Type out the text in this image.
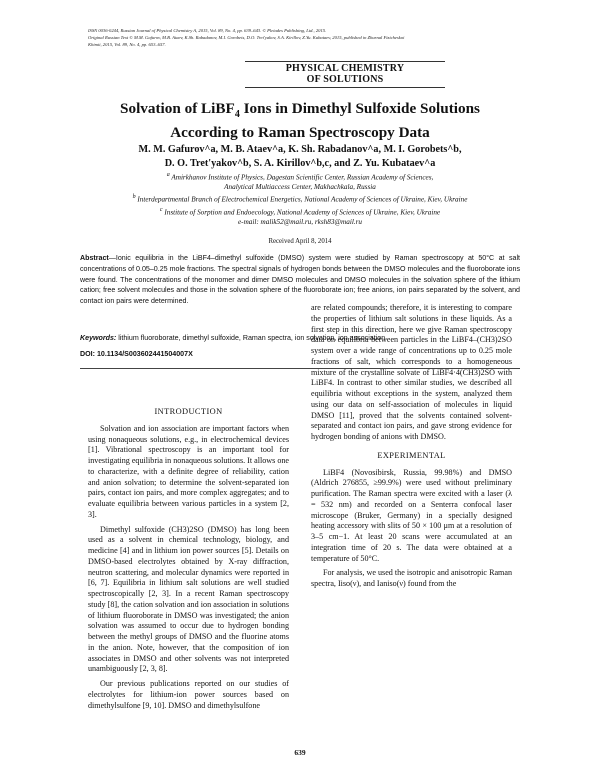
ISSN 0036-0244, Russian Journal of Physical Chemistry A, 2015, Vol. 89, No. 4, pp. 639–643. © Pleiades Publishing, Ltd., 2015.
Original Russian Text © M.M. Gafurov, M.B. Ataev, K.Sh. Rabadanov, M.I. Gorobets, D.O. Tret'yakov, S.A. Kirillov, Z.Yu. Kubataev, 2015, published in Zhurnal Fizicheskoi
Khimii, 2015, Vol. 89, No. 4, pp. 653–657.
PHYSICAL CHEMISTRY
OF SOLUTIONS
Solvation of LiBF$_4$ Ions in Dimethyl Sulfoxide Solutions
According to Raman Spectroscopy Data
M. M. Gafurov^a, M. B. Ataev^a, K. Sh. Rabadanov^a, M. I. Gorobets^b,
D. O. Tret'yakov^b, S. A. Kirillov^b,c, and Z. Yu. Kubataev^a
$^a$ Amirkhanov Institute of Physics, Dagestan Scientific Center, Russian Academy of Sciences,
Analytical Multiaccess Center, Makhachkala, Russia
$^b$ Interdepartmental Branch of Electrochemical Energetics, National Academy of Sciences of Ukraine, Kiev, Ukraine
$^c$ Institute of Sorption and Endoecology, National Academy of Sciences of Ukraine, Kiev, Ukraine
e-mail: malik52@mail.ru, rksh83@mail.ru
Received April 8, 2014
Abstract—Ionic equilibria in the LiBF4–dimethyl sulfoxide (DMSO) system were studied by Raman spectroscopy at 50°C at salt concentrations of 0.05–0.25 mole fractions. The spectral signals of hydrogen bonds between the DMSO molecules and the fluoroborate ions were found. The concentrations of the monomer and dimer DMSO molecules and DMSO molecules in the solvation sphere of the lithium cation; free solvent molecules and those in the solvation sphere of the fluoroborate ion; free anions, ion pairs separated by the solvent, and contact ion pairs were determined.
Keywords: lithium fluoroborate, dimethyl sulfoxide, Raman spectra, ion solvation, ion association.
DOI: 10.1134/S003602441504007X
INTRODUCTION

Solvation and ion association are important factors when using nonaqueous solutions, e.g., in electrochemical devices [1]. Vibrational spectroscopy is an important tool for investigating equilibria in nonaqueous solutions. It allows one to characterize, with a definite degree of reliability, cation and anion solvation; to determine the solvent-separated ion pairs, contact ion pairs, and more complex aggregates; and to evaluate equilibria between various particles in a system [2, 3].

Dimethyl sulfoxide (CH3)2SO (DMSO) has long been used as a solvent in chemical technology, biology, and medicine [4] and in lithium ion power sources [5]. Details on DMSO-based electrolytes obtained by X-ray diffraction, neutron scattering, and molecular dynamics were reported in [6, 7]. Equilibria in lithium salt solutions are well studied spectroscopically [2, 3]. In a recent Raman spectroscopy study [8], the cation solvation and ion association in solutions of lithium fluoroborate in DMSO was investigated; the anion solvation was assumed to occur due to hydrogen bonding between the methyl groups of DMSO and the fluorine atoms in the anion. Note, however, that the composition of ion associates in DMSO and other solvents was not interpreted unambiguously [2, 3, 8].

Our previous publications reported on our studies of electrolytes for lithium-ion power sources based on dimethylsulfone [9, 10]. DMSO and dimethylsulfone

are related compounds; therefore, it is interesting to compare the properties of lithium salt solutions in these liquids. As a first step in this direction, here we give Raman spectroscopy data on equilibria between particles in the LiBF4–(CH3)2SO system over a wide range of concentrations up to 0.25 mole fractions of salt, which corresponds to a homogeneous mixture of the crystalline solvate of LiBF4·4(CH3)2SO with LiBF4. In contrast to other similar studies, we described all equilibria without exceptions in the system, analyzed them using our data on self-association of molecules in liquid DMSO [11], proved that the solvents contained solvent-separated and contact ion pairs, and gave strong evidence for hydrogen bonding of anions with DMSO.

EXPERIMENTAL

LiBF4 (Novosibirsk, Russia, 99.98%) and DMSO (Aldrich 276855, ≥99.9%) were used without preliminary purification. The Raman spectra were excited with a laser (λ = 532 nm) and recorded on a Senterra confocal laser microscope (Bruker, Germany) in a specially designed heating accessory with slits of 50 × 100 μm at a resolution of 3–5 cm−1. At least 20 scans were accumulated at an integration time of 20 s. The data were obtained at a temperature of 50°C.

For analysis, we used the isotropic and anisotropic Raman spectra, Iiso(ν), and Ianiso(ν) found from the

639
